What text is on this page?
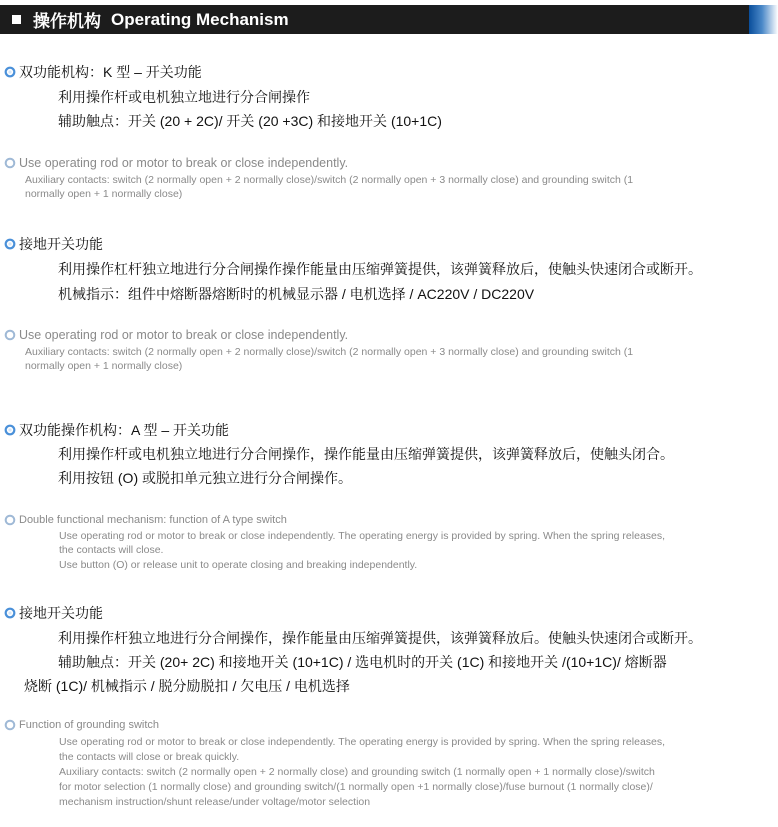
操作机构 Operating Mechanism
双功能机构：K 型 – 开关功能
利用操作杆或电机独立地进行分合闸操作
辅助触点：开关 (20 + 2C)/ 开关 (20 +3C) 和接地开关 (10+1C)
Use operating rod or motor to break or close independently.
Auxiliary contacts: switch (2 normally open + 2 normally close)/switch (2 normally open + 3 normally close) and grounding switch (1
normally open + 1 normally close)
接地开关功能
利用操作杠杆独立地进行分合闸操作操作能量由压缩弹簧提供，该弹簧释放后，使触头快速闭合或断开。
机械指示：组件中熔断器熔断时的机械显示器 / 电机选择 / AC220V / DC220V
Use operating rod or motor to break or close independently.
Auxiliary contacts: switch (2 normally open + 2 normally close)/switch (2 normally open + 3 normally close) and grounding switch (1
normally open + 1 normally close)
双功能操作机构：A 型 – 开关功能
利用操作杆或电机独立地进行分合闸操作，操作能量由压缩弹簧提供，该弹簧释放后，使触头闭合。
利用按钮 (O) 或脱扣单元独立进行分合闸操作。
Double functional mechanism: function of A type switch
Use operating rod or motor to break or close independently. The operating energy is provided by spring. When the spring releases,
the contacts will close.
Use button (O) or release unit to operate closing and breaking independently.
接地开关功能
利用操作杆独立地进行分合闸操作，操作能量由压缩弹簧提供，该弹簧释放后。使触头快速闭合或断开。
辅助触点：开关 (20+ 2C) 和接地开关 (10+1C) / 选电机时的开关 (1C) 和接地开关 /(10+1C)/ 熔断器
烧断 (1C)/ 机械指示 / 脱分励脱扣 / 欠电压 / 电机选择
Function of grounding switch
Use operating rod or motor to break or close independently. The operating energy is provided by spring. When the spring releases,
the contacts will close or break quickly.
Auxiliary contacts: switch (2 normally open + 2 normally close) and grounding switch (1 normally open + 1 normally close)/switch
for motor selection (1 normally close) and grounding switch/(1 normally open +1 normally close)/fuse burnout (1 normally close)/
mechanism instruction/shunt release/under voltage/motor selection
